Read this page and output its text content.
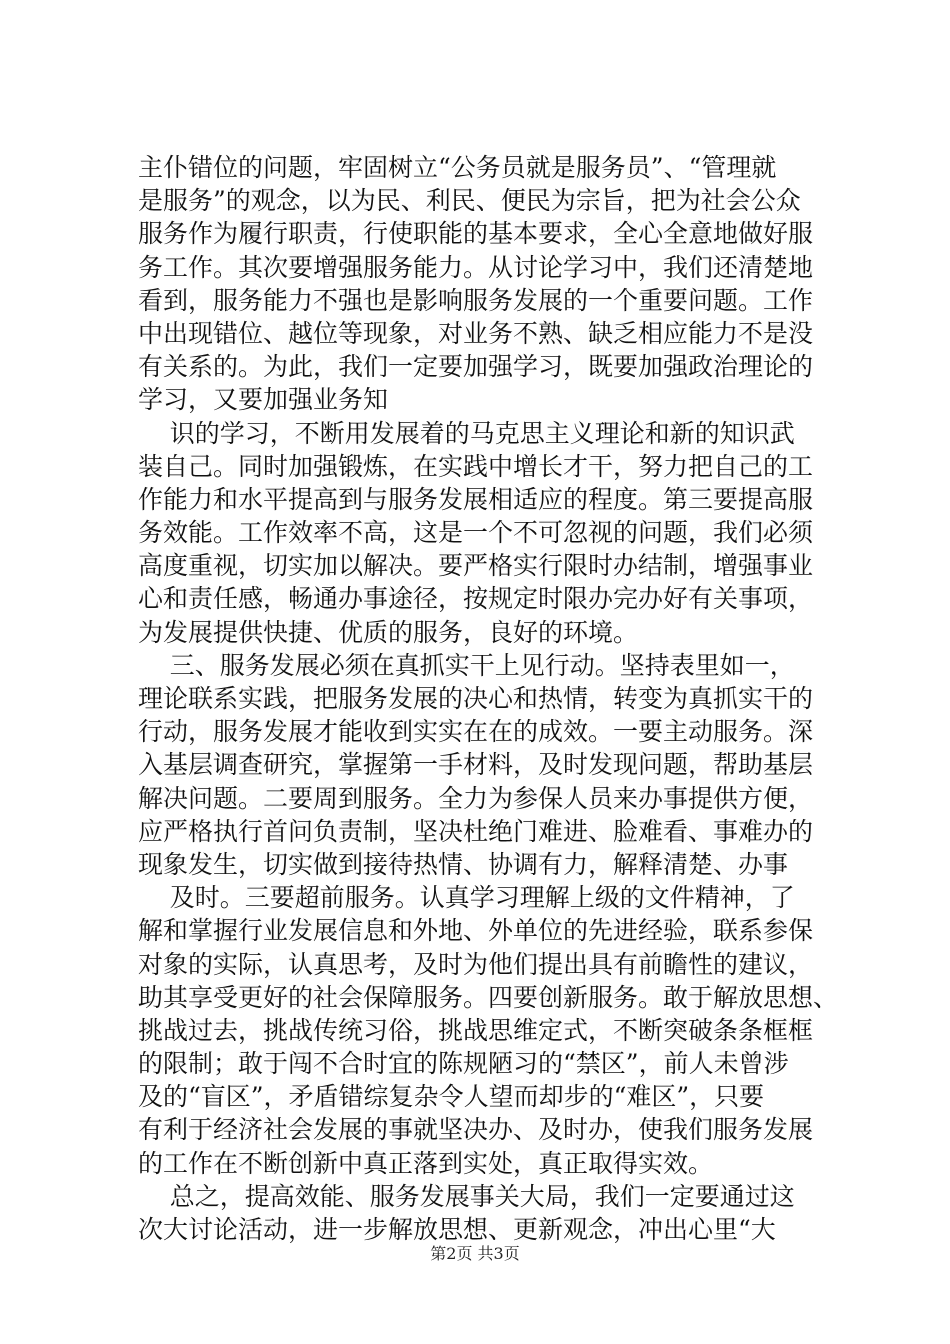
主仆错位的问题，牢固树立“公务员就是服务员”、“管理就
是服务”的观念，以为民、利民、便民为宗旨，把为社会公众
服务作为履行职责，行使职能的基本要求，全心全意地做好服
务工作。其次要增强服务能力。从讨论学习中，我们还清楚地
看到，服务能力不强也是影响服务发展的一个重要问题。工作
中出现错位、越位等现象，对业务不熟、缺乏相应能力不是没
有关系的。为此，我们一定要加强学习，既要加强政治理论的
学习，又要加强业务知
识的学习，不断用发展着的马克思主义理论和新的知识武
装自己。同时加强锻炼，在实践中增长才干，努力把自己的工
作能力和水平提高到与服务发展相适应的程度。第三要提高服
务效能。工作效率不高，这是一个不可忽视的问题，我们必须
高度重视，切实加以解决。要严格实行限时办结制，增强事业
心和责任感，畅通办事途径，按规定时限办完办好有关事项，
为发展提供快捷、优质的服务，良好的环境。
三、服务发展必须在真抓实干上见行动。坚持表里如一，
理论联系实践，把服务发展的决心和热情，转变为真抓实干的
行动，服务发展才能收到实实在在的成效。一要主动服务。深
入基层调查研究，掌握第一手材料，及时发现问题，帮助基层
解决问题。二要周到服务。全力为参保人员来办事提供方便，
应严格执行首问负责制，坚决杜绝门难进、脸难看、事难办的
现象发生，切实做到接待热情、协调有力，解释清楚、办事
及时。三要超前服务。认真学习理解上级的文件精神，了
解和掌握行业发展信息和外地、外单位的先进经验，联系参保
对象的实际，认真思考，及时为他们提出具有前瞻性的建议，
助其享受更好的社会保障服务。四要创新服务。敢于解放思想、
挑战过去，挑战传统习俗，挑战思维定式，不断突破条条框框
的限制；敢于闯不合时宜的陈规陋习的“禁区”，前人未曾涉
及的“盲区”，矛盾错综复杂令人望而却步的“难区”，只要
有利于经济社会发展的事就坚决办、及时办，使我们服务发展
的工作在不断创新中真正落到实处，真正取得实效。
总之，提高效能、服务发展事关大局，我们一定要通过这
次大讨论活动，进一步解放思想、更新观念，冲出心里“大
第2页 共3页
